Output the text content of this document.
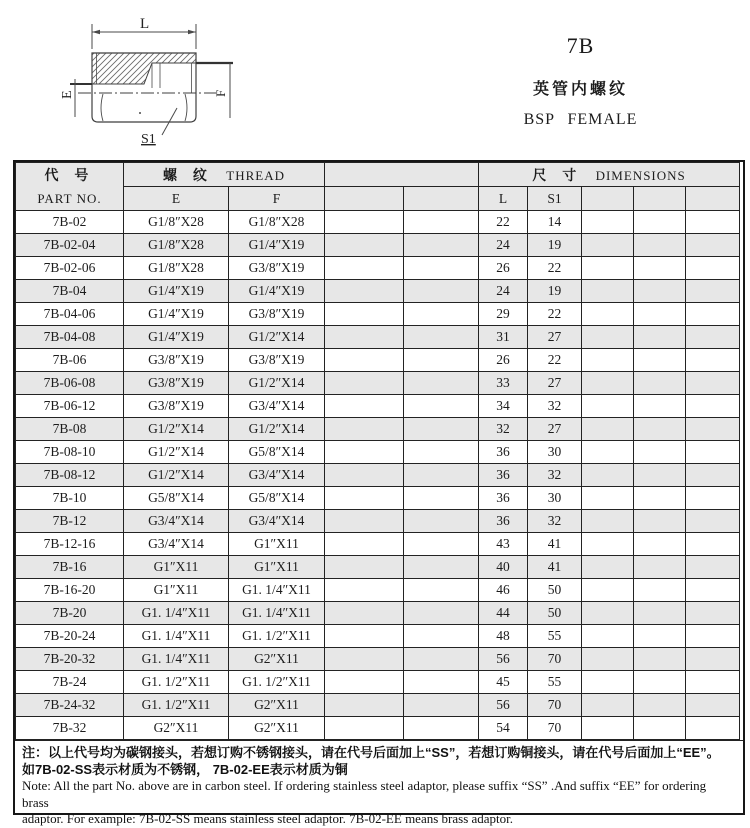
L
E	F
S1
7B
英管内螺纹
BSP FEMALE
代 号
PART NO.	螺 纹 THREAD				尺 寸 DIMENSIONS				
	E	F			L	S1			
7B-02	G1/8″X28	G1/8″X28			22	14			
7B-02-04	G1/8″X28	G1/4″X19			24	19			
7B-02-06	G1/8″X28	G3/8″X19			26	22			
7B-04	G1/4″X19	G1/4″X19			24	19			
7B-04-06	G1/4″X19	G3/8″X19			29	22			
7B-04-08	G1/4″X19	G1/2″X14			31	27			
7B-06	G3/8″X19	G3/8″X19			26	22			
7B-06-08	G3/8″X19	G1/2″X14			33	27			
7B-06-12	G3/8″X19	G3/4″X14			34	32			
7B-08	G1/2″X14	G1/2″X14			32	27			
7B-08-10	G1/2″X14	G5/8″X14			36	30			
7B-08-12	G1/2″X14	G3/4″X14			36	32			
7B-10	G5/8″X14	G5/8″X14			36	30			
7B-12	G3/4″X14	G3/4″X14			36	32			
7B-12-16	G3/4″X14	G1″X11			43	41			
7B-16	G1″X11	G1″X11			40	41			
7B-16-20	G1″X11	G1. 1/4″X11			46	50			
7B-20	G1. 1/4″X11	G1. 1/4″X11			44	50			
7B-20-24	G1. 1/4″X11	G1. 1/2″X11			48	55			
7B-20-32	G1. 1/4″X11	G2″X11			56	70			
7B-24	G1. 1/2″X11	G1. 1/2″X11			45	55			
7B-24-32	G1. 1/2″X11	G2″X11			56	70			
7B-32	G2″X11	G2″X11			54	70			
注：以上代号均为碳钢接头，若想订购不锈钢接头，请在代号后面加上“SS”，若想订购铜接头，请在代号后面加上“EE”。
如7B-02-SS表示材质为不锈钢， 7B-02-EE表示材质为铜
Note: All the part No. above are in carbon steel. If ordering stainless steel adaptor, please suffix “SS” .And suffix “EE” for ordering brass
adaptor. For example: 7B-02-SS means stainless steel adaptor. 7B-02-EE means brass adaptor.
